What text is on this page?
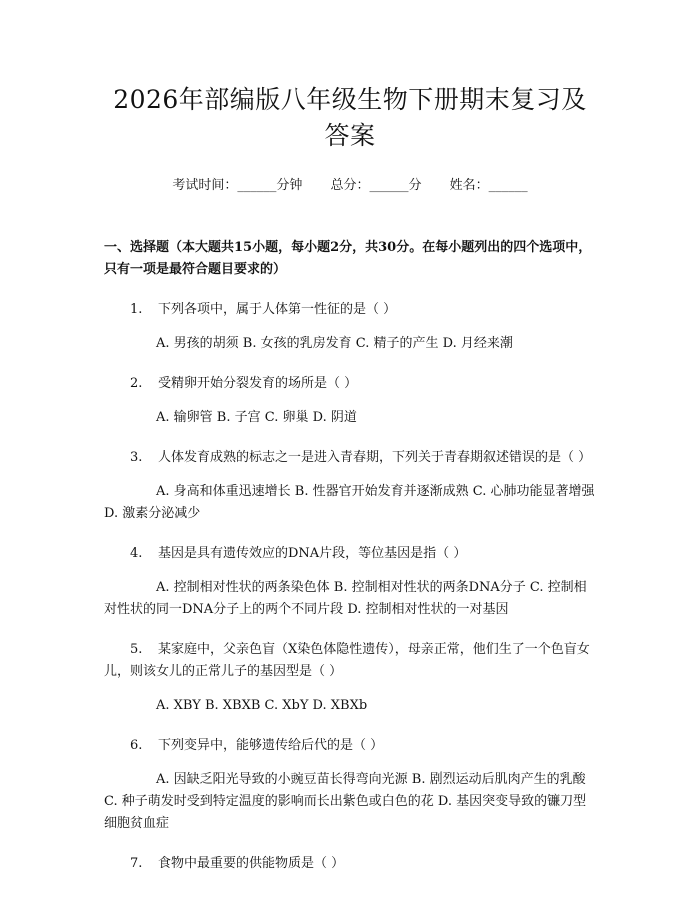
2026年部编版八年级生物下册期末复习及答案
考试时间：______分钟 总分：______分 姓名：______
一、选择题（本大题共15小题，每小题2分，共30分。在每小题列出的四个选项中，只有一项是最符合题目要求的）
1. 下列各项中，属于人体第一性征的是（ ）
A. 男孩的胡须 B. 女孩的乳房发育 C. 精子的产生 D. 月经来潮
2. 受精卵开始分裂发育的场所是（ ）
A. 输卵管 B. 子宫 C. 卵巢 D. 阴道
3. 人体发育成熟的标志之一是进入青春期，下列关于青春期叙述错误的是（ ）
A. 身高和体重迅速增长 B. 性器官开始发育并逐渐成熟 C. 心肺功能显著增强 D. 激素分泌减少
4. 基因是具有遗传效应的DNA片段，等位基因是指（ ）
A. 控制相对性状的两条染色体 B. 控制相对性状的两条DNA分子 C. 控制相对性状的同一DNA分子上的两个不同片段 D. 控制相对性状的一对基因
5. 某家庭中，父亲色盲（X染色体隐性遗传），母亲正常，他们生了一个色盲女儿，则该女儿的正常儿子的基因型是（ ）
A. XBY B. XBXB C. XbY D. XBXb
6. 下列变异中，能够遗传给后代的是（ ）
A. 因缺乏阳光导致的小豌豆苗长得弯向光源 B. 剧烈运动后肌肉产生的乳酸 C. 种子萌发时受到特定温度的影响而长出紫色或白色的花 D. 基因突变导致的镰刀型细胞贫血症
7. 食物中最重要的供能物质是（ ）
